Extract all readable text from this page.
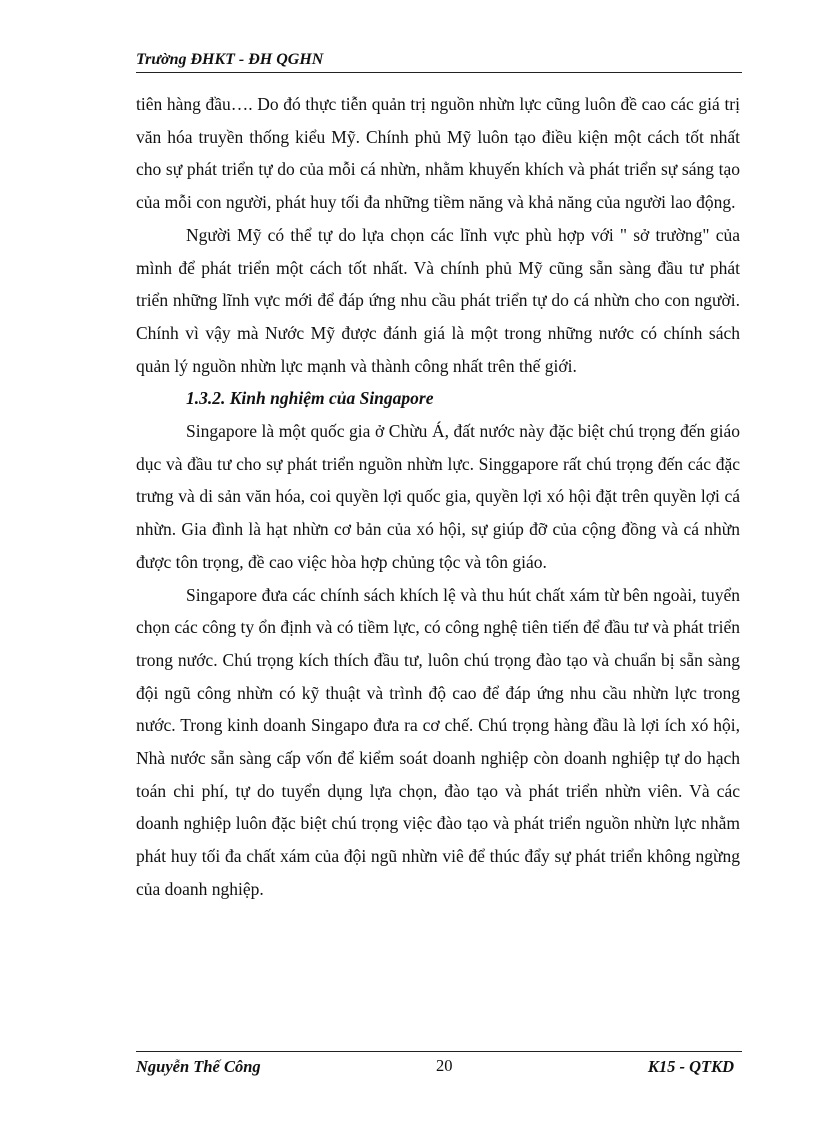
Trường ĐHKT - ĐH QGHN

tiên hàng đầu…. Do đó thực tiễn quản trị nguồn nhừn lực cũng luôn đề cao các giá trị văn hóa truyền thống kiểu Mỹ. Chính phủ Mỹ luôn tạo điều kiện một cách tốt nhất cho sự phát triển tự do của mỗi cá nhừn, nhằm khuyến khích và phát triển sự sáng tạo của mỗi con người, phát huy tối đa những tiềm năng và khả năng của người lao động.

Người Mỹ có thể tự do lựa chọn các lĩnh vực phù hợp với " sở trường" của mình để phát triển một cách tốt nhất. Và chính phủ Mỹ cũng sẵn sàng đầu tư phát triển những lĩnh vực mới để đáp ứng nhu cầu phát triển tự do cá nhừn cho con người. Chính vì vậy mà Nước Mỹ được đánh giá là một trong những nước có chính sách quản lý nguồn nhừn lực mạnh và thành công nhất trên thế giới.

1.3.2. Kinh nghiệm của Singapore

Singapore là một quốc gia ở Chừu Á, đất nước này đặc biệt chú trọng đến giáo dục và đầu tư cho sự phát triển nguồn nhừn lực. Singgapore rất chú trọng đến các đặc trưng và di sản văn hóa, coi quyền lợi quốc gia, quyền lợi xó hội đặt trên quyền lợi cá nhừn. Gia đình là hạt nhừn cơ bản của xó hội, sự giúp đỡ của cộng đồng và cá nhừn được tôn trọng, đề cao việc hòa hợp chủng tộc và tôn giáo.

Singapore đưa các chính sách khích lệ và thu hút chất xám từ bên ngoài, tuyển chọn các công ty ổn định và có tiềm lực, có công nghệ tiên tiến để đầu tư và phát triển trong nước. Chú trọng kích thích đầu tư, luôn chú trọng đào tạo và chuẩn bị sẵn sàng đội ngũ công nhừn có kỹ thuật và trình độ cao để đáp ứng nhu cầu nhừn lực trong nước. Trong kinh doanh Singapo đưa ra cơ chế. Chú trọng hàng đầu là lợi ích xó hội, Nhà nước sẵn sàng cấp vốn để kiểm soát doanh nghiệp còn doanh nghiệp tự do hạch toán chi phí, tự do tuyển dụng lựa chọn, đào tạo và phát triển nhừn viên. Và các doanh nghiệp luôn đặc biệt chú trọng việc đào tạo và phát triển nguồn nhừn lực nhằm phát huy tối đa chất xám của đội ngũ nhừn viê để thúc đẩy sự phát triển không ngừng của doanh nghiệp.

Nguyễn Thế Công	20	K15 - QTKD
